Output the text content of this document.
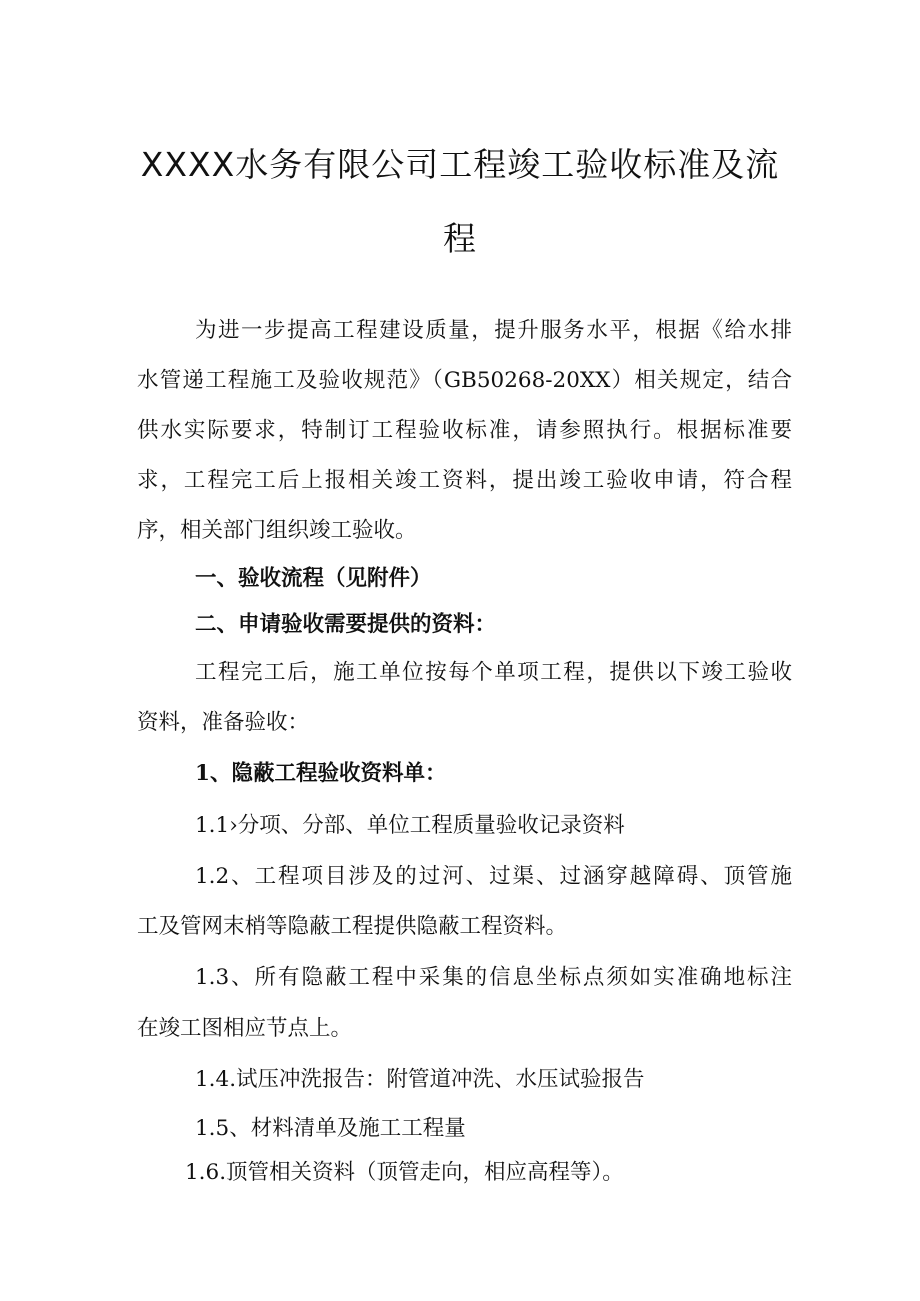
XXXX水务有限公司工程竣工验收标准及流
程
为进一步提高工程建设质量，提升服务水平，根据《给水排
水管递工程施工及验收规范》（GB50268-20XX）相关规定，结合
供水实际要求，特制订工程验收标准，请参照执行。根据标准要
求，工程完工后上报相关竣工资料，提出竣工验收申请，符合程
序，相关部门组织竣工验收。
一、验收流程（见附件）
二、申请验收需要提供的资料：
工程完工后，施工单位按每个单项工程，提供以下竣工验收
资料，准备验收：
1、隐蔽工程验收资料单：
1.1›分项、分部、单位工程质量验收记录资料
1.2、工程项目涉及的过河、过渠、过涵穿越障碍、顶管施
工及管网末梢等隐蔽工程提供隐蔽工程资料。
1.3、所有隐蔽工程中采集的信息坐标点须如实准确地标注
在竣工图相应节点上。
1.4.试压冲洗报告：附管道冲洗、水压试验报告
1.5、材料清单及施工工程量
1.6.顶管相关资料（顶管走向，相应高程等）。
